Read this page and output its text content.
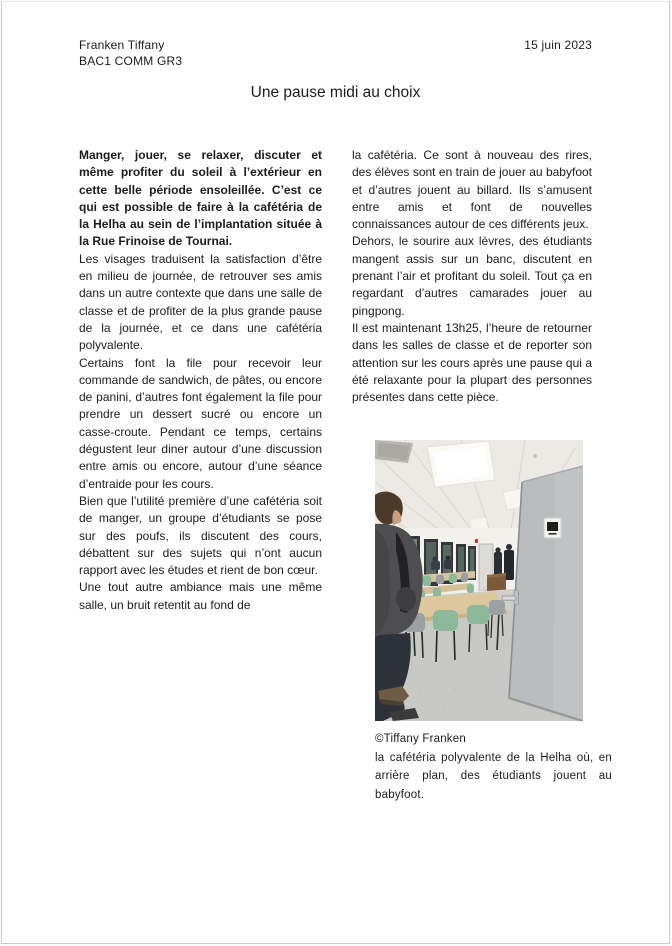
Franken Tiffany
BAC1 COMM GR3
15 juin 2023
Une pause midi au choix

Manger, jouer, se relaxer, discuter et même profiter du soleil à l’extérieur en cette belle période ensoleillée. C’est ce qui est possible de faire à la cafétéria de la Helha au sein de l’implantation située à la Rue Frinoise de Tournai.

Les visages traduisent la satisfaction d’être en milieu de journée, de retrouver ses amis dans un autre contexte que dans une salle de classe et de profiter de la plus grande pause de la journée, et ce dans une cafétéria polyvalente.

Certains font la file pour recevoir leur commande de sandwich, de pâtes, ou encore de panini, d’autres font également la file pour prendre un dessert sucré ou encore un casse-croute. Pendant ce temps, certains dégustent leur diner autour d’une discussion entre amis ou encore, autour d’une séance d’entraide pour les cours.

Bien que l’utilité première d’une cafétéria soit de manger, un groupe d’étudiants se pose sur des poufs, ils discutent des cours, débattent sur des sujets qui n’ont aucun rapport avec les études et rient de bon cœur.

Une tout autre ambiance mais une même salle, un bruit retentit au fond de

la cafétéria. Ce sont à nouveau des rires, des élèves sont en train de jouer au babyfoot et d’autres jouent au billard. Ils s’amusent entre amis et font de nouvelles connaissances autour de ces différents jeux.

Dehors, le sourire aux lèvres, des étudiants mangent assis sur un banc, discutent en prenant l’air et profitant du soleil. Tout ça en regardant d’autres camarades jouer au pingpong.

Il est maintenant 13h25, l’heure de retourner dans les salles de classe et de reporter son attention sur les cours après une pause qui a été relaxante pour la plupart des personnes présentes dans cette pièce.

©Tiffany Franken
la cafétéria polyvalente de la Helha où, en arrière plan, des étudiants jouent au babyfoot.
